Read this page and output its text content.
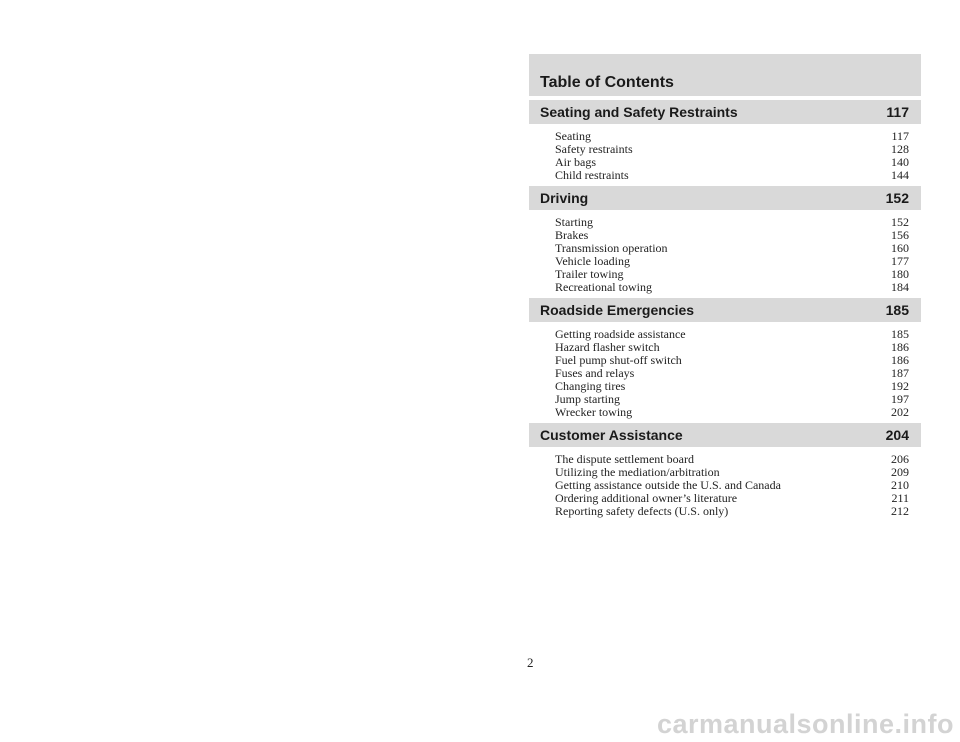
Table of Contents
Seating and Safety Restraints	117
Seating	117
Safety restraints	128
Air bags	140
Child restraints	144
Driving	152
Starting	152
Brakes	156
Transmission operation	160
Vehicle loading	177
Trailer towing	180
Recreational towing	184
Roadside Emergencies	185
Getting roadside assistance	185
Hazard flasher switch	186
Fuel pump shut-off switch	186
Fuses and relays	187
Changing tires	192
Jump starting	197
Wrecker towing	202
Customer Assistance	204
The dispute settlement board	206
Utilizing the mediation/arbitration	209
Getting assistance outside the U.S. and Canada	210
Ordering additional owner’s literature	211
Reporting safety defects (U.S. only)	212
2
carmanualsonline.info
